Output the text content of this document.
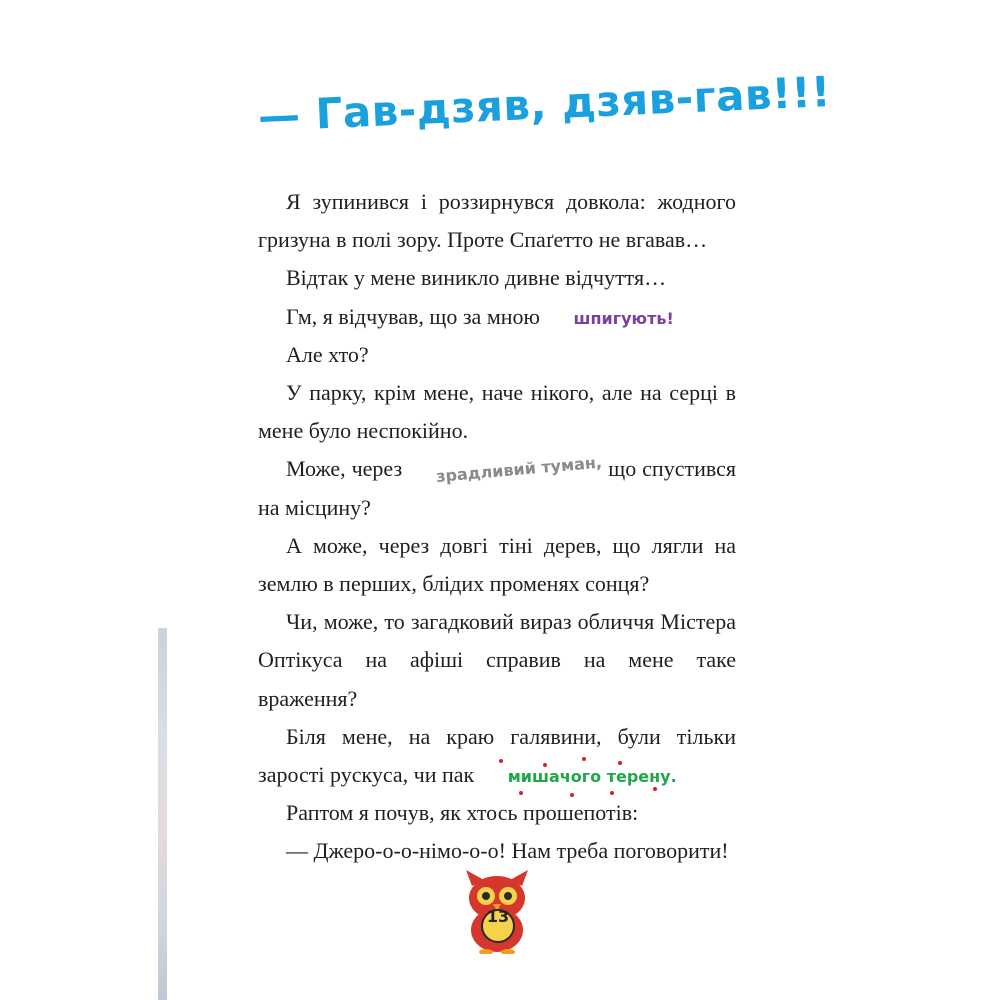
— Гав-дзяв, дзяв-гав!!!

Я зупинився і роззирнувся довкола: жодного гризуна в полі зору. Проте Спаґетто не вгавав…

Відтак у мене виникло дивне відчуття…

Гм, я відчував, що за мною шпигують!

Але хто?

У парку, крім мене, наче нікого, але на серці в мене було неспокійно.

Може, через зрадливий туман, що спустився на місцину?

А може, через довгі тіні дерев, що лягли на землю в перших, блідих променях сонця?

Чи, може, то загадковий вираз обличчя Містера Оптікуса на афіші справив на мене таке враження?

Біля мене, на краю галявини, були тільки зарості рускуса, чи пак мишачого терену.

Раптом я почув, як хтось прошепотів:

— Джеро-о-о-німо-о-о! Нам треба поговорити!

13
